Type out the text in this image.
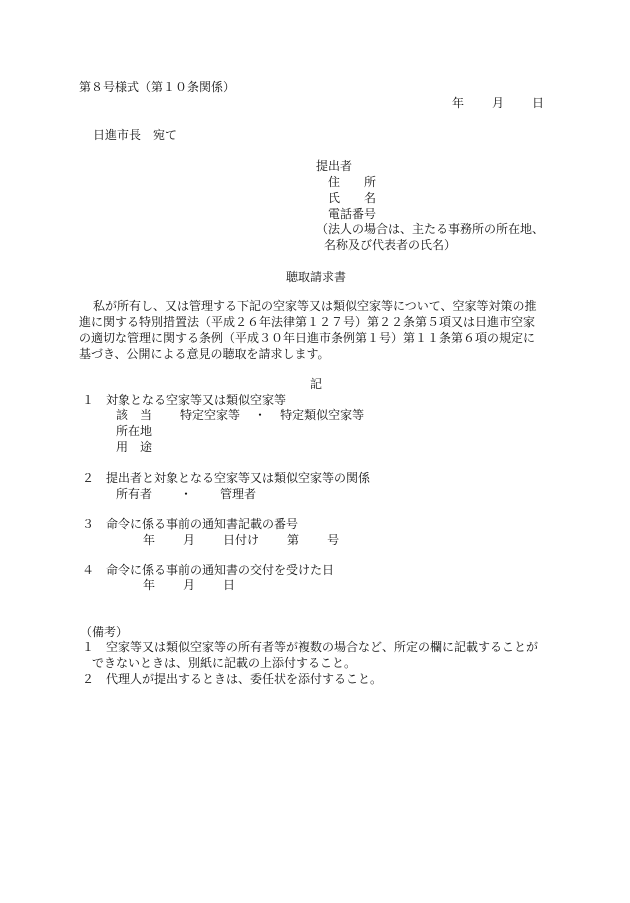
第８号様式（第１０条関係）
年 月 日
日進市長　宛て
提出者
住 所
氏 名
電話番号
（法人の場合は、主たる事務所の所在地、
名称及び代表者の氏名）
聴取請求書
私が所有し、又は管理する下記の空家等又は類似空家等について、空家等対策の推
進に関する特別措置法（平成２６年法律第１２７号）第２２条第５項又は日進市空家
の適切な管理に関する条例（平成３０年日進市条例第１号）第１１条第６項の規定に
基づき、公開による意見の聴取を請求します。
記
１ 対象となる空家等又は類似空家等
該 当 特定空家等 ・ 特定類似空家等
所在地
用 途
２ 提出者と対象となる空家等又は類似空家等の関係
所有者 ・ 管理者
３ 命令に係る事前の通知書記載の番号
年 月 日付け 第 号
４ 命令に係る事前の通知書の交付を受けた日
年 月 日
（備考）
１ 空家等又は類似空家等の所有者等が複数の場合など、所定の欄に記載することが
できないときは、別紙に記載の上添付すること。
２ 代理人が提出するときは、委任状を添付すること。
